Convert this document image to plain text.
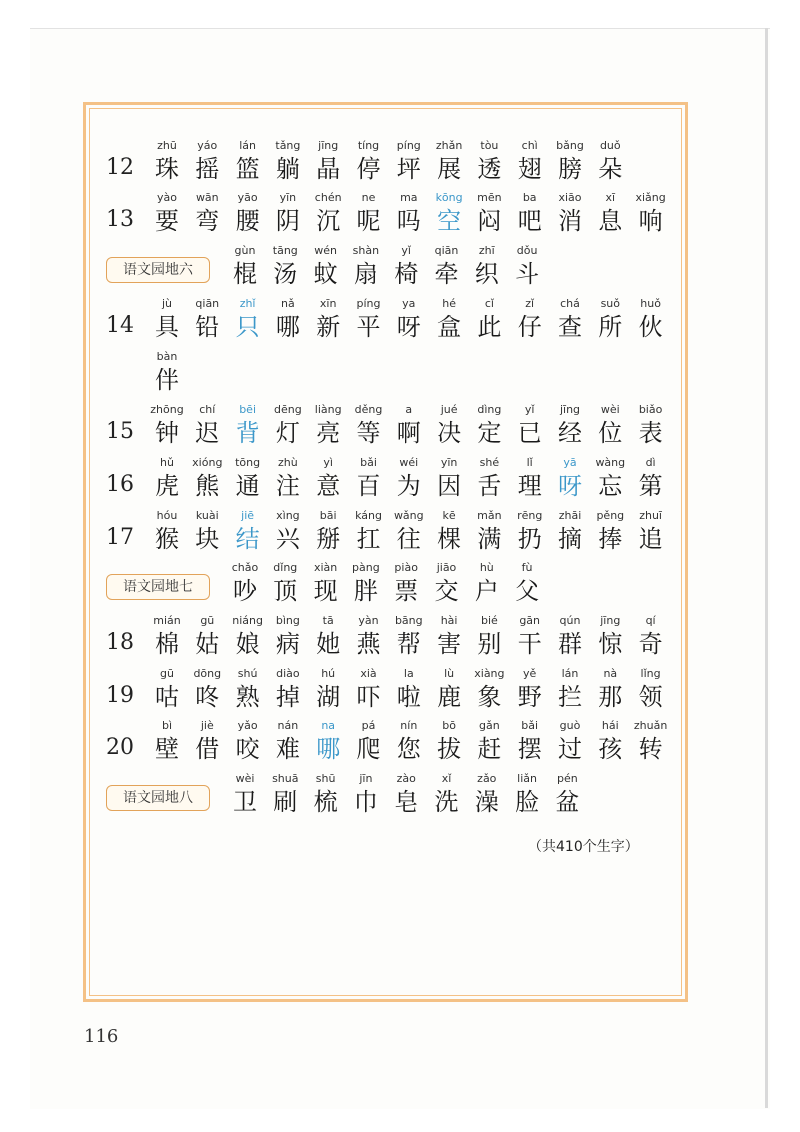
12
zhū
珠
yáo
摇
lán
篮
tǎng
躺
jīng
晶
tíng
停
píng
坪
zhǎn
展
tòu
透
chì
翅
bǎng
膀
duǒ
朵
13
yào
要
wān
弯
yāo
腰
yīn
阴
chén
沉
ne
呢
ma
吗
kōng
空
mēn
闷
ba
吧
xiāo
消
xī
息
xiǎng
响
语文园地六
gùn
棍
tāng
汤
wén
蚊
shàn
扇
yǐ
椅
qiān
牵
zhī
织
dǒu
斗
14
jù
具
qiān
铅
zhǐ
只
nǎ
哪
xīn
新
píng
平
ya
呀
hé
盒
cǐ
此
zǐ
仔
chá
查
suǒ
所
huǒ
伙
bàn
伴
15
zhōng
钟
chí
迟
bēi
背
dēng
灯
liàng
亮
děng
等
a
啊
jué
决
dìng
定
yǐ
已
jīng
经
wèi
位
biǎo
表
16
hǔ
虎
xióng
熊
tōng
通
zhù
注
yì
意
bǎi
百
wéi
为
yīn
因
shé
舌
lǐ
理
yā
呀
wàng
忘
dì
第
17
hóu
猴
kuài
块
jiē
结
xìng
兴
bāi
掰
káng
扛
wǎng
往
kē
棵
mǎn
满
rēng
扔
zhāi
摘
pěng
捧
zhuī
追
语文园地七
chǎo
吵
dǐng
顶
xiàn
现
pàng
胖
piào
票
jiāo
交
hù
户
fù
父
18
mián
棉
gū
姑
niáng
娘
bìng
病
tā
她
yàn
燕
bāng
帮
hài
害
bié
别
gān
干
qún
群
jīng
惊
qí
奇
19
gū
咕
dōng
咚
shú
熟
diào
掉
hú
湖
xià
吓
la
啦
lù
鹿
xiàng
象
yě
野
lán
拦
nà
那
lǐng
领
20
bì
壁
jiè
借
yǎo
咬
nán
难
na
哪
pá
爬
nín
您
bō
拔
gǎn
赶
bǎi
摆
guò
过
hái
孩
zhuǎn
转
语文园地八
wèi
卫
shuā
刷
shū
梳
jīn
巾
zào
皂
xǐ
洗
zǎo
澡
liǎn
脸
pén
盆
（共410个生字）
116
